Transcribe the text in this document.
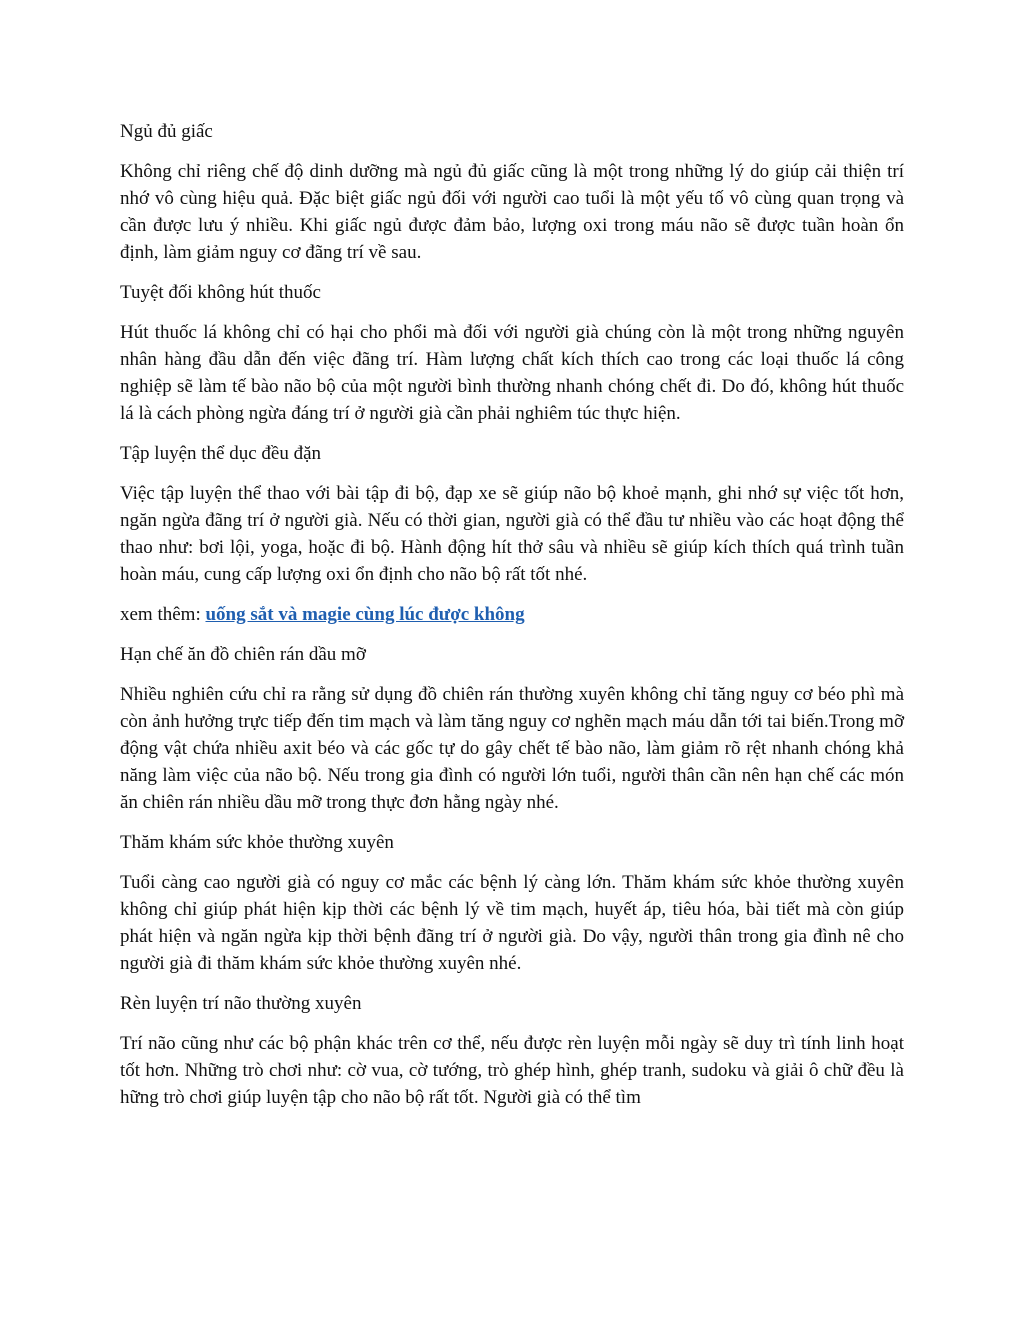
Ngủ đủ giấc

Không chỉ riêng chế độ dinh dưỡng mà ngủ đủ giấc cũng là một trong những lý do giúp cải thiện trí nhớ vô cùng hiệu quả. Đặc biệt giấc ngủ đối với người cao tuổi là một yếu tố vô cùng quan trọng và cần được lưu ý nhiều. Khi giấc ngủ được đảm bảo, lượng oxi trong máu não sẽ được tuần hoàn ổn định, làm giảm nguy cơ đãng trí về sau.

Tuyệt đối không hút thuốc

Hút thuốc lá không chỉ có hại cho phổi mà đối với người già chúng còn là một trong những nguyên nhân hàng đầu dẫn đến việc đãng trí. Hàm lượng chất kích thích cao trong các loại thuốc lá công nghiệp sẽ làm tế bào não bộ của một người bình thường nhanh chóng chết đi. Do đó, không hút thuốc lá là cách phòng ngừa đáng trí ở người già cần phải nghiêm túc thực hiện.

Tập luyện thể dục đều đặn

Việc tập luyện thể thao với bài tập đi bộ, đạp xe sẽ giúp não bộ khoẻ mạnh, ghi nhớ sự việc tốt hơn, ngăn ngừa đãng trí ở người già. Nếu có thời gian, người già có thể đầu tư nhiều vào các hoạt động thể thao như: bơi lội, yoga, hoặc đi bộ. Hành động hít thở sâu và nhiều sẽ giúp kích thích quá trình tuần hoàn máu, cung cấp lượng oxi ổn định cho não bộ rất tốt nhé.

xem thêm: uống sắt và magie cùng lúc được không

Hạn chế ăn đồ chiên rán dầu mỡ

Nhiều nghiên cứu chỉ ra rằng sử dụng đồ chiên rán thường xuyên không chỉ tăng nguy cơ béo phì mà còn ảnh hưởng trực tiếp đến tim mạch và làm tăng nguy cơ nghẽn mạch máu dẫn tới tai biến.Trong mỡ động vật chứa nhiều axit béo và các gốc tự do gây chết tế bào não, làm giảm rõ rệt nhanh chóng khả năng làm việc của não bộ. Nếu trong gia đình có người lớn tuổi, người thân cần nên hạn chế các món ăn chiên rán nhiều dầu mỡ trong thực đơn hằng ngày nhé.

Thăm khám sức khỏe thường xuyên

Tuổi càng cao người già có nguy cơ mắc các bệnh lý càng lớn. Thăm khám sức khỏe thường xuyên không chỉ giúp phát hiện kịp thời các bệnh lý về tim mạch, huyết áp, tiêu hóa, bài tiết mà còn giúp phát hiện và ngăn ngừa kịp thời bệnh đãng trí ở người già. Do vậy, người thân trong gia đình nê cho người già đi thăm khám sức khỏe thường xuyên nhé.

Rèn luyện trí não thường xuyên

Trí não cũng như các bộ phận khác trên cơ thể, nếu được rèn luyện mỗi ngày sẽ duy trì tính linh hoạt tốt hơn. Những trò chơi như: cờ vua, cờ tướng, trò ghép hình, ghép tranh, sudoku và giải ô chữ đều là hững trò chơi giúp luyện tập cho não bộ rất tốt. Người già có thể tìm
